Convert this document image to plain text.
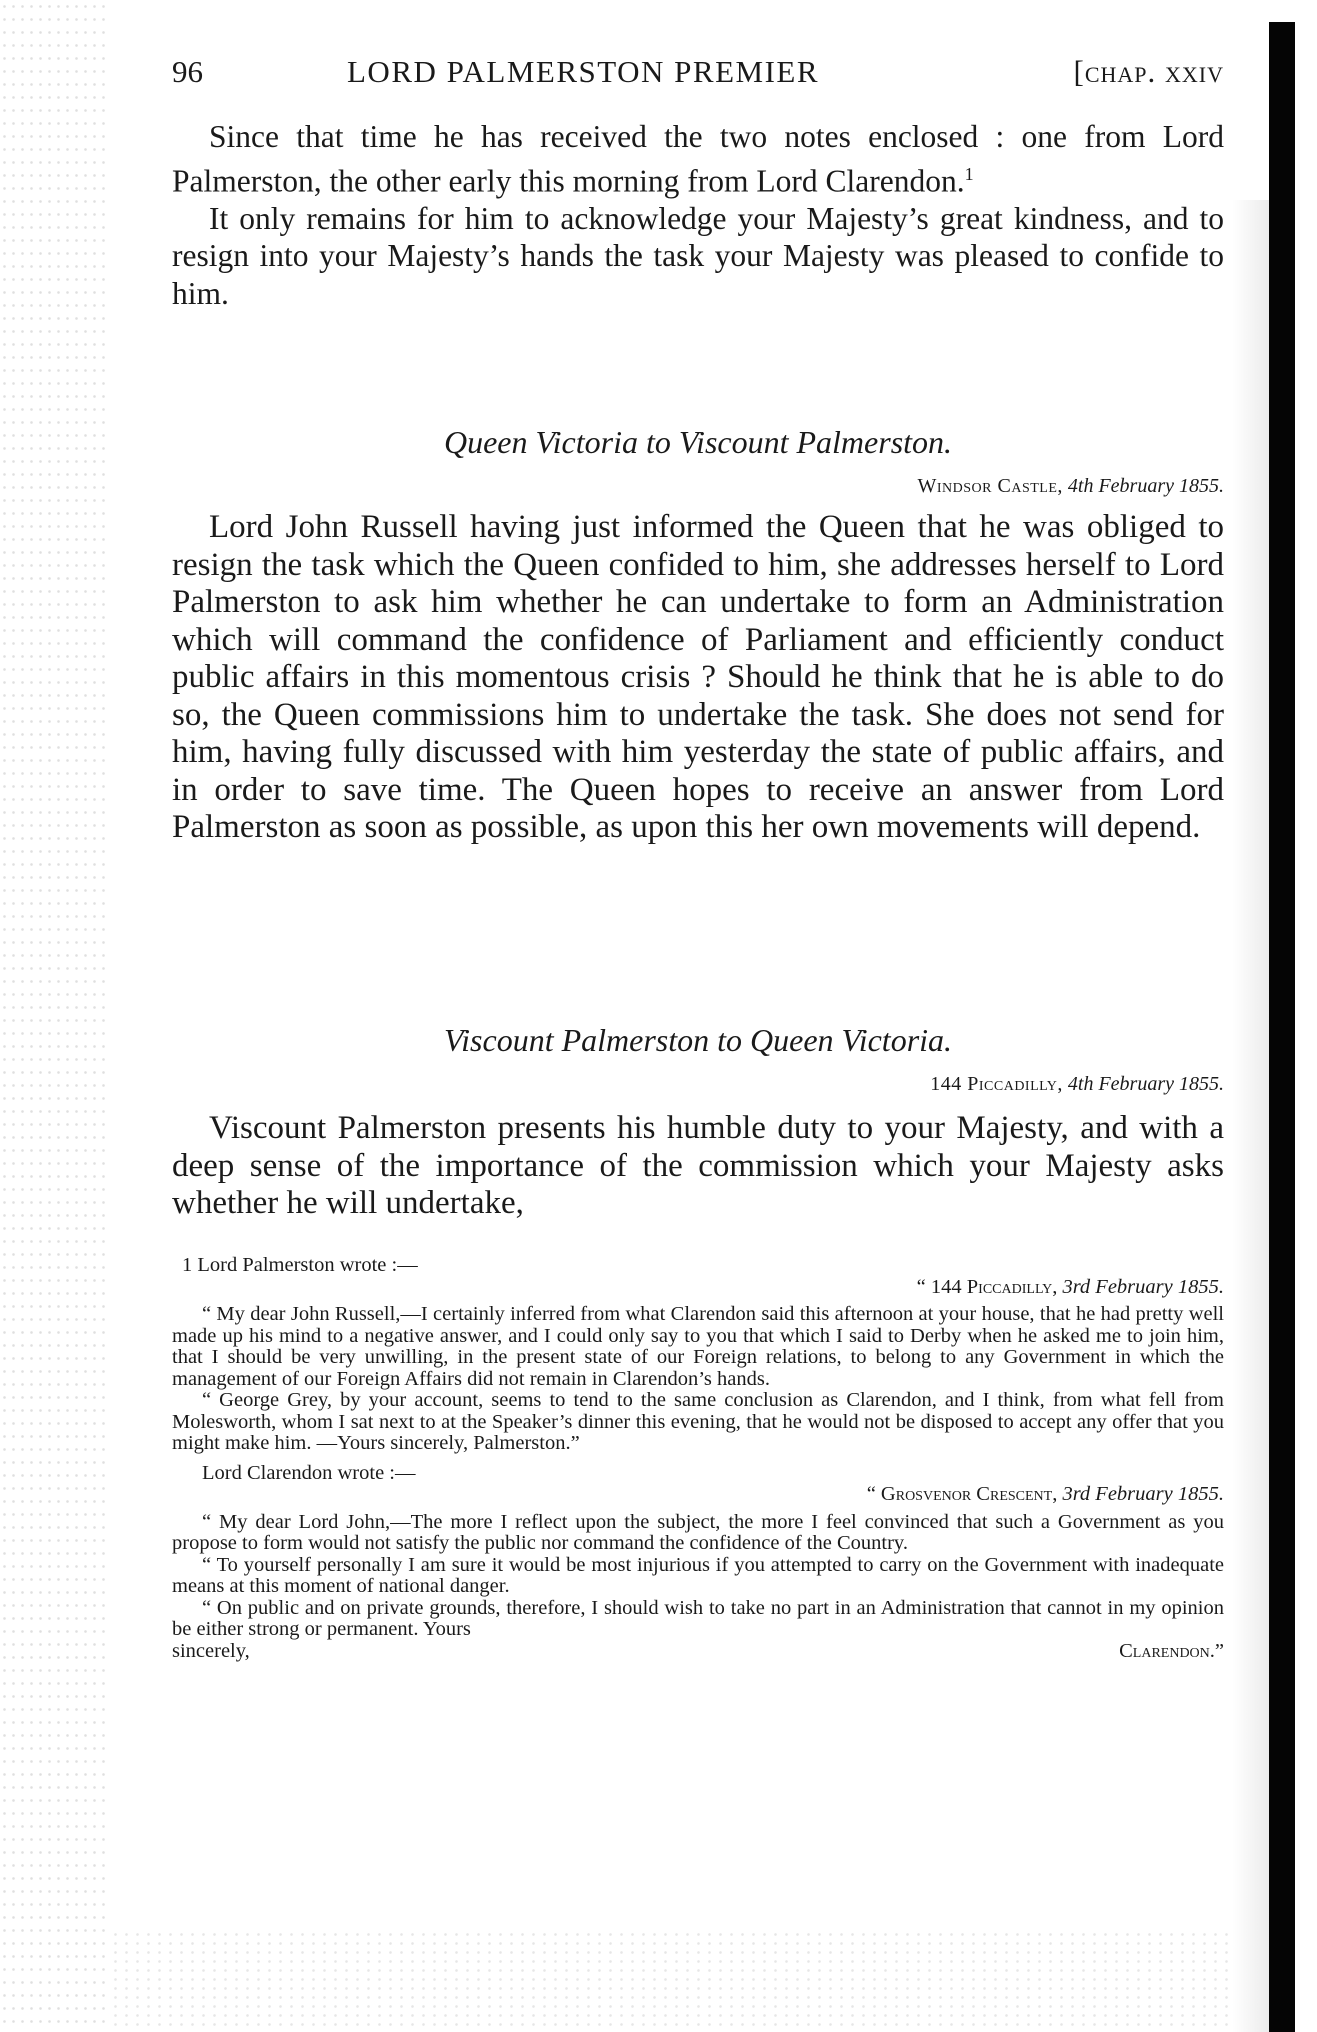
96	LORD PALMERSTON PREMIER	[chap. xxiv

Since that time he has received the two notes enclosed : one from Lord Palmerston, the other early this morning from Lord Clarendon.$^1$

It only remains for him to acknowledge your Majesty’s great kindness, and to resign into your Majesty’s hands the task your Majesty was pleased to confide to him.

Queen Victoria to Viscount Palmerston.

Windsor Castle, 4th February 1855.

Lord John Russell having just informed the Queen that he was obliged to resign the task which the Queen confided to him, she addresses herself to Lord Palmerston to ask him whether he can undertake to form an Administration which will command the confidence of Parliament and efficiently conduct public affairs in this momentous crisis ? Should he think that he is able to do so, the Queen commissions him to undertake the task. She does not send for him, having fully discussed with him yesterday the state of public affairs, and in order to save time. The Queen hopes to receive an answer from Lord Palmerston as soon as possible, as upon this her own movements will depend.

Viscount Palmerston to Queen Victoria.

144 Piccadilly, 4th February 1855.

Viscount Palmerston presents his humble duty to your Majesty, and with a deep sense of the importance of the commission which your Majesty asks whether he will undertake,

1 Lord Palmerston wrote :—

“ 144 Piccadilly, 3rd February 1855.

“ My dear John Russell,—I certainly inferred from what Clarendon said this afternoon at your house, that he had pretty well made up his mind to a negative answer, and I could only say to you that which I said to Derby when he asked me to join him, that I should be very unwilling, in the present state of our Foreign relations, to belong to any Government in which the management of our Foreign Affairs did not remain in Clarendon’s hands.

“ George Grey, by your account, seems to tend to the same conclusion as Clarendon, and I think, from what fell from Molesworth, whom I sat next to at the Speaker’s dinner this evening, that he would not be disposed to accept any offer that you might make him. —Yours sincerely, Palmerston.”

Lord Clarendon wrote :—

“ Grosvenor Crescent, 3rd February 1855.

“ My dear Lord John,—The more I reflect upon the subject, the more I feel convinced that such a Government as you propose to form would not satisfy the public nor command the confidence of the Country.

“ To yourself personally I am sure it would be most injurious if you attempted to carry on the Government with inadequate means at this moment of national danger.

“ On public and on private grounds, therefore, I should wish to take no part in an Administration that cannot in my opinion be either strong or permanent. Yours

sincerely,	Clarendon.”
